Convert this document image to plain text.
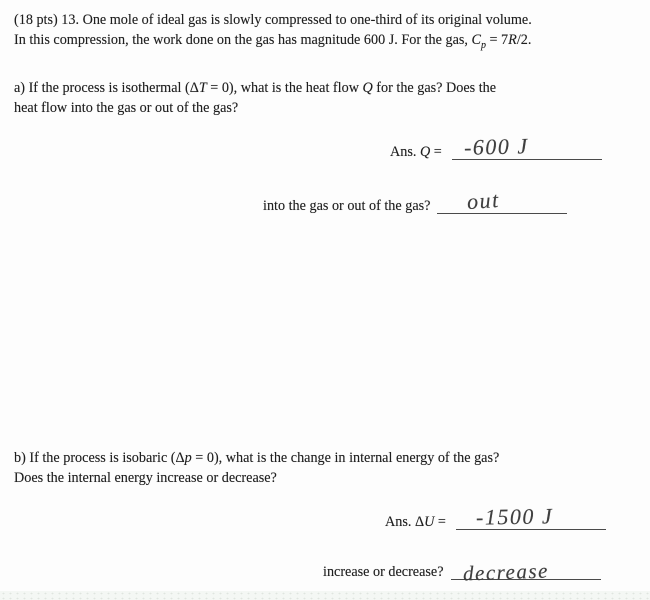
(18 pts) 13. One mole of ideal gas is slowly compressed to one-third of its original volume.
In this compression, the work done on the gas has magnitude 600 J. For the gas, $C_p = 7R/2$.

a) If the process is isothermal (ΔT = 0), what is the heat flow Q for the gas? Does the
heat flow into the gas or out of the gas?

Ans. Q = -600 J
into the gas or out of the gas? out

b) If the process is isobaric (Δp = 0), what is the change in internal energy of the gas?
Does the internal energy increase or decrease?

Ans. ΔU = -1500 J
increase or decrease? decrease
